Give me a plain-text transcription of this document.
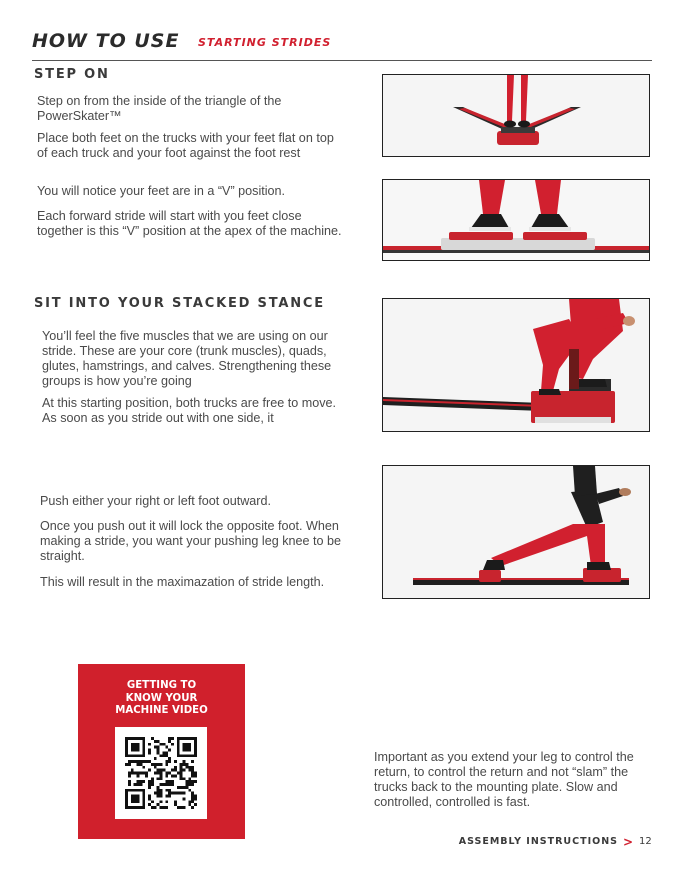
HOW TO USE STARTING STRIDES
STEP ON
Step on from the inside of the triangle of the PowerSkater™
Place both feet on the trucks with your feet flat on top of each truck and your foot against the foot rest
You will notice your feet are in a “V” position.
Each forward stride will start with you feet close together is this “V” position at the apex of the machine.
SIT INTO YOUR STACKED STANCE
You’ll feel the five muscles that we are using on our stride. These are your core (trunk muscles), quads, glutes, hamstrings, and calves. Strengthening these groups is how you’re going
At this starting position, both trucks are free to move. As soon as you stride out with one side, it
Push either your right or left foot outward.
Once you push out it will lock the opposite foot. When making a stride, you want your pushing leg knee to be straight.
This will result in the maximazation of stride length.
GETTING TO
KNOW YOUR
MACHINE VIDEO
Important as you extend your leg to control the return, to control the return and not “slam” the trucks back to the mounting plate. Slow and controlled, controlled is fast.
ASSEMBLY INSTRUCTIONS > 12
